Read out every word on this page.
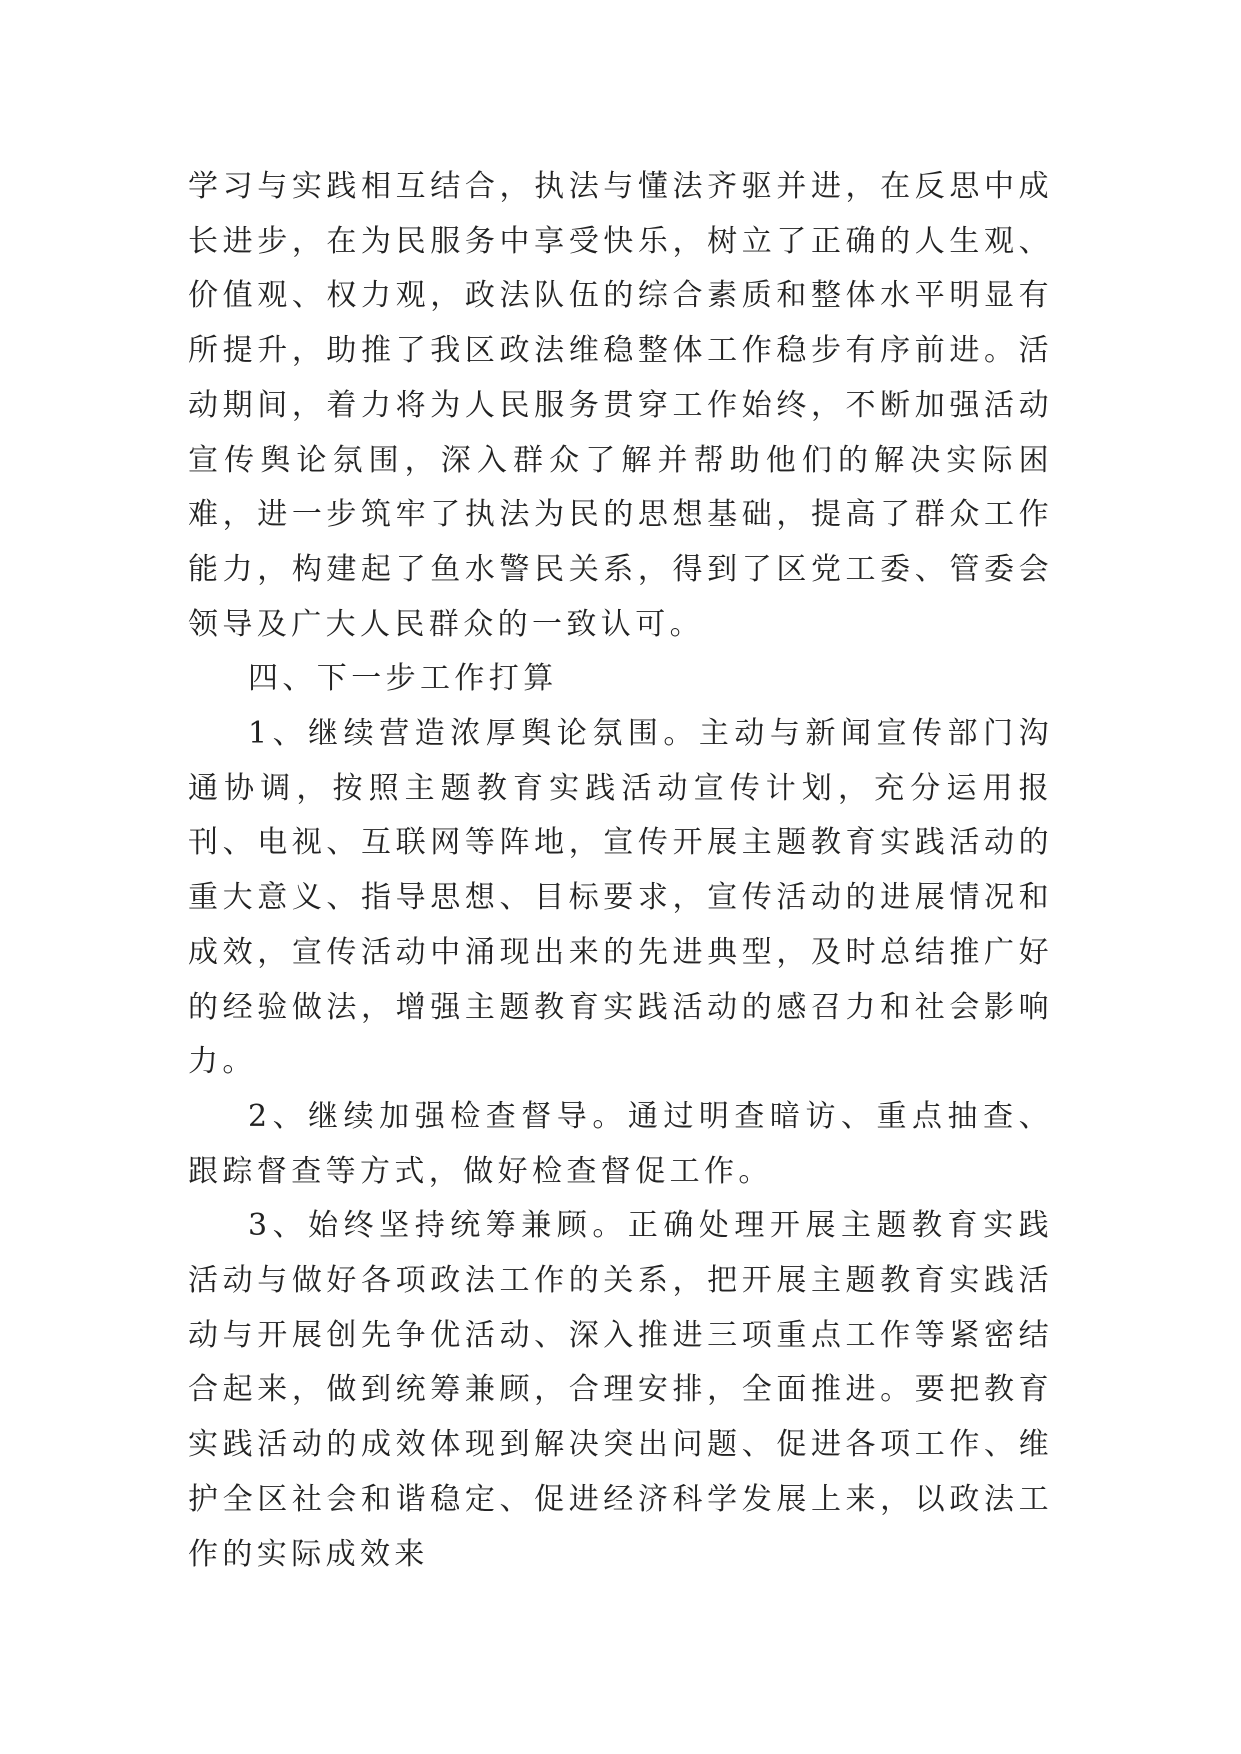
学习与实践相互结合，执法与懂法齐驱并进，在反思中成长进步，在为民服务中享受快乐，树立了正确的人生观、价值观、权力观，政法队伍的综合素质和整体水平明显有所提升，助推了我区政法维稳整体工作稳步有序前进。活动期间，着力将为人民服务贯穿工作始终，不断加强活动宣传舆论氛围，深入群众了解并帮助他们的解决实际困难，进一步筑牢了执法为民的思想基础，提高了群众工作能力，构建起了鱼水警民关系，得到了区党工委、管委会领导及广大人民群众的一致认可。

四、下一步工作打算

1、继续营造浓厚舆论氛围。主动与新闻宣传部门沟通协调，按照主题教育实践活动宣传计划，充分运用报刊、电视、互联网等阵地，宣传开展主题教育实践活动的重大意义、指导思想、目标要求，宣传活动的进展情况和成效，宣传活动中涌现出来的先进典型，及时总结推广好的经验做法，增强主题教育实践活动的感召力和社会影响力。

2、继续加强检查督导。通过明查暗访、重点抽查、跟踪督查等方式，做好检查督促工作。

3、始终坚持统筹兼顾。正确处理开展主题教育实践活动与做好各项政法工作的关系，把开展主题教育实践活动与开展创先争优活动、深入推进三项重点工作等紧密结合起来，做到统筹兼顾，合理安排，全面推进。要把教育实践活动的成效体现到解决突出问题、促进各项工作、维护全区社会和谐稳定、促进经济科学发展上来，以政法工作的实际成效来
